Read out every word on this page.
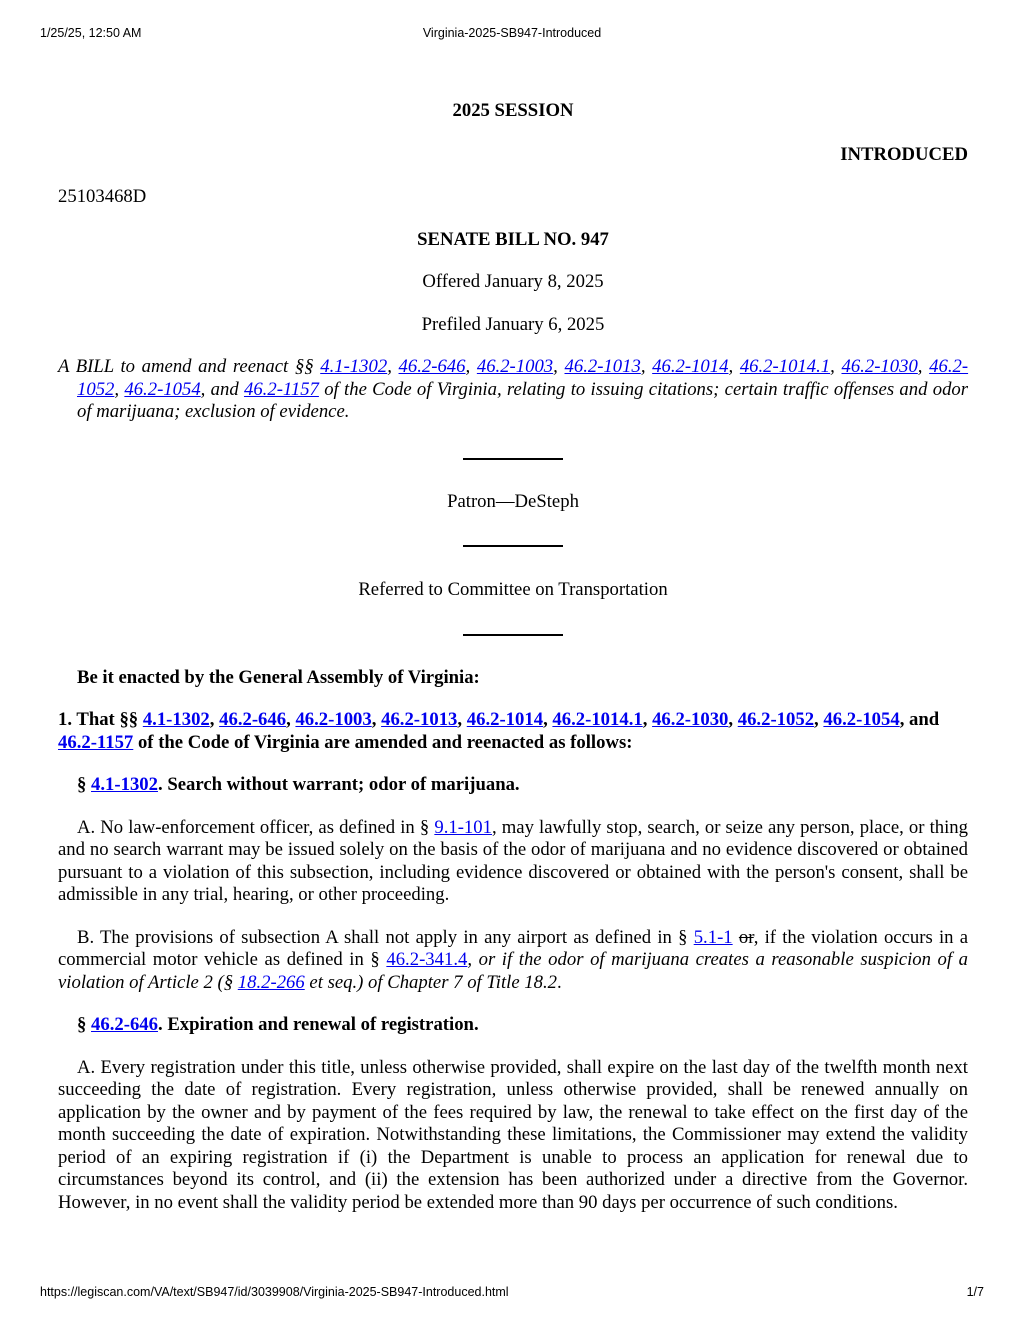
1/25/25, 12:50 AM	Virginia-2025-SB947-Introduced

2025 SESSION

INTRODUCED

25103468D

SENATE BILL NO. 947

Offered January 8, 2025

Prefiled January 6, 2025

A BILL to amend and reenact §§ 4.1-1302, 46.2-646, 46.2-1003, 46.2-1013, 46.2-1014, 46.2-1014.1, 46.2-1030, 46.2-1052, 46.2-1054, and 46.2-1157 of the Code of Virginia, relating to issuing citations; certain traffic offenses and odor of marijuana; exclusion of evidence.

Patron—DeSteph

Referred to Committee on Transportation

Be it enacted by the General Assembly of Virginia:

1. That §§ 4.1-1302, 46.2-646, 46.2-1003, 46.2-1013, 46.2-1014, 46.2-1014.1, 46.2-1030, 46.2-1052, 46.2-1054, and 46.2-1157 of the Code of Virginia are amended and reenacted as follows:

§ 4.1-1302. Search without warrant; odor of marijuana.

A. No law-enforcement officer, as defined in § 9.1-101, may lawfully stop, search, or seize any person, place, or thing and no search warrant may be issued solely on the basis of the odor of marijuana and no evidence discovered or obtained pursuant to a violation of this subsection, including evidence discovered or obtained with the person's consent, shall be admissible in any trial, hearing, or other proceeding.

B. The provisions of subsection A shall not apply in any airport as defined in § 5.1-1 or, if the violation occurs in a commercial motor vehicle as defined in § 46.2-341.4, or if the odor of marijuana creates a reasonable suspicion of a violation of Article 2 (§ 18.2-266 et seq.) of Chapter 7 of Title 18.2.

§ 46.2-646. Expiration and renewal of registration.

A. Every registration under this title, unless otherwise provided, shall expire on the last day of the twelfth month next succeeding the date of registration. Every registration, unless otherwise provided, shall be renewed annually on application by the owner and by payment of the fees required by law, the renewal to take effect on the first day of the month succeeding the date of expiration. Notwithstanding these limitations, the Commissioner may extend the validity period of an expiring registration if (i) the Department is unable to process an application for renewal due to circumstances beyond its control, and (ii) the extension has been authorized under a directive from the Governor. However, in no event shall the validity period be extended more than 90 days per occurrence of such conditions.

https://legiscan.com/VA/text/SB947/id/3039908/Virginia-2025-SB947-Introduced.html	1/7
